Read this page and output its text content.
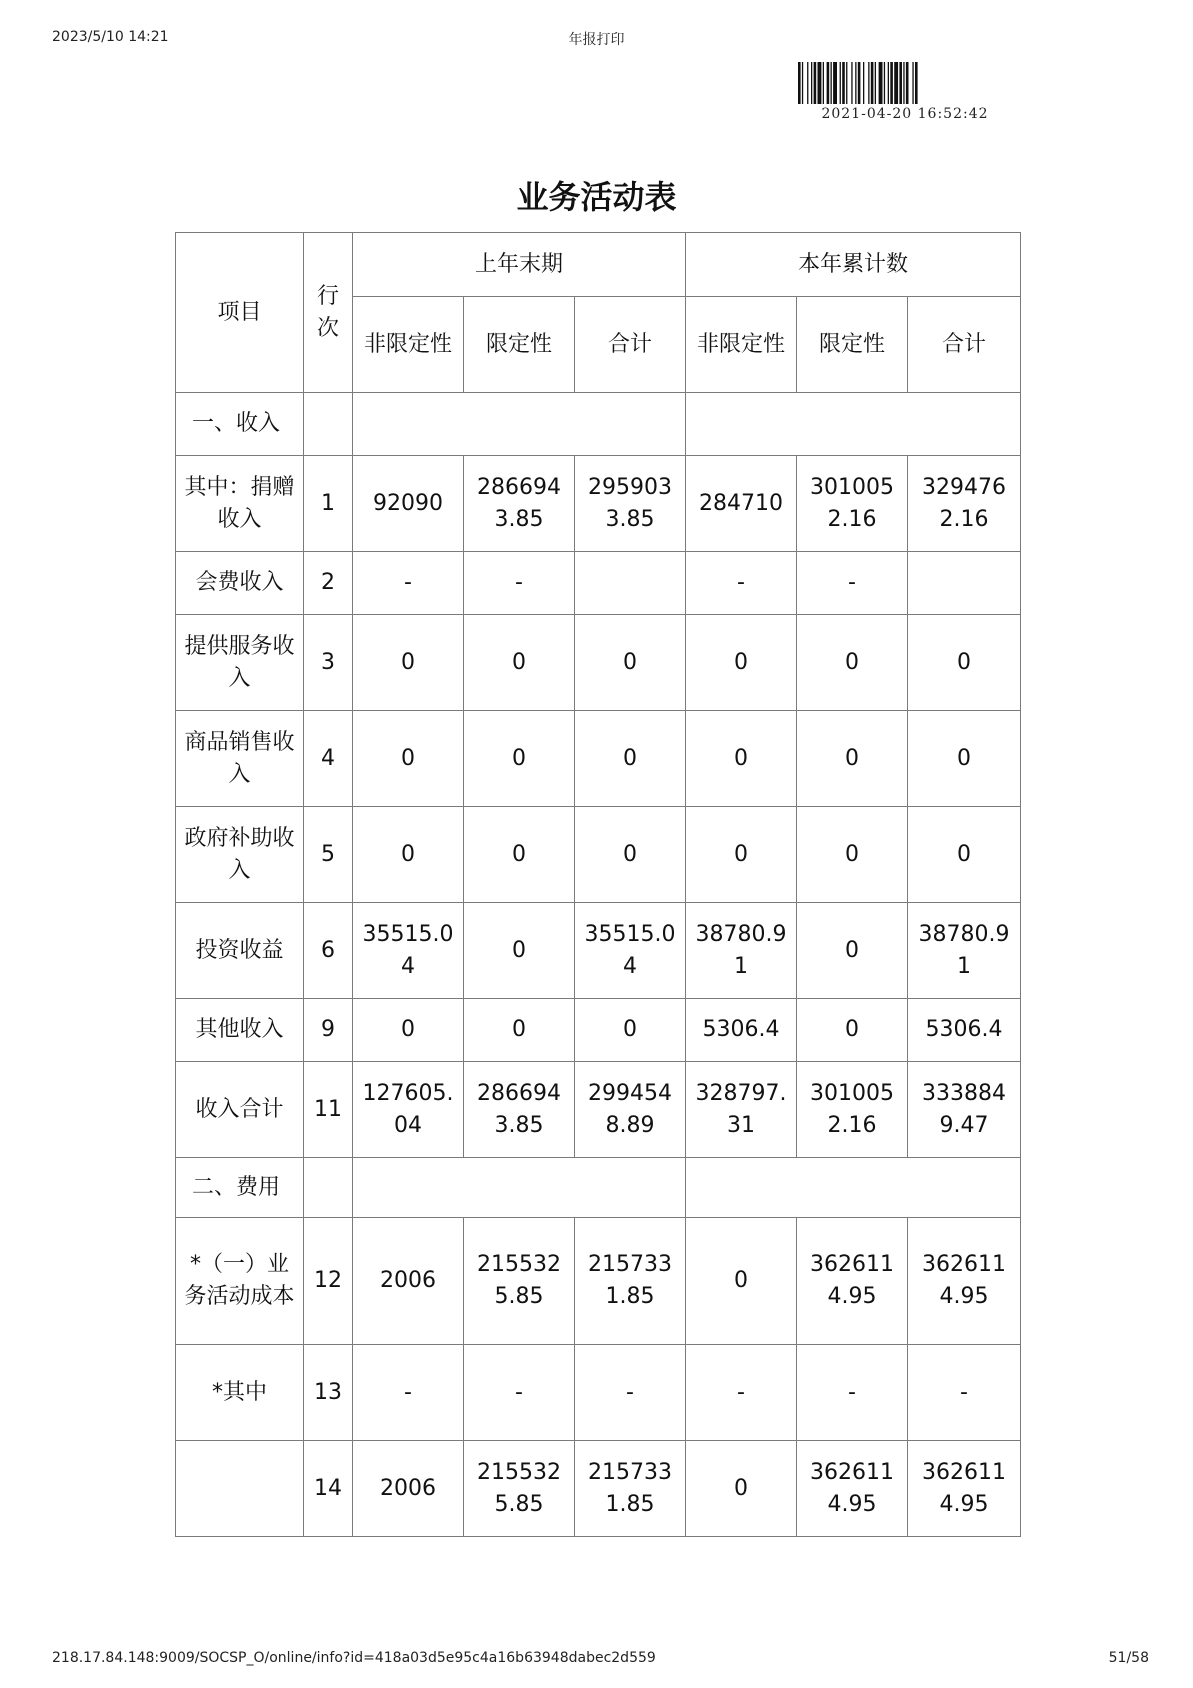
2023/5/10 14:21	年报打印
2021-04-20 16:52:42
业务活动表
项目	行次	上年末期			本年累计数		
		非限定性	限定性	合计	非限定性	限定性	合计
一、收入							
其中：捐赠收入	1	92090	2866943.85	2959033.85	284710	3010052.16	3294762.16
会费收入	2	-	-		-	-	
提供服务收入	3	0	0	0	0	0	0
商品销售收入	4	0	0	0	0	0	0
政府补助收入	5	0	0	0	0	0	0
投资收益	6	35515.04	0	35515.04	38780.91	0	38780.91
其他收入	9	0	0	0	5306.4	0	5306.4
收入合计	11	127605.04	2866943.85	2994548.89	328797.31	3010052.16	3338849.47
二、费用							
*（一）业务活动成本	12	2006	2155325.85	2157331.85	0	3626114.95	3626114.95
*其中	13	-	-	-	-	-	-
	14	2006	2155325.85	2157331.85	0	3626114.95	3626114.95
218.17.84.148:9009/SOCSP_O/online/info?id=418a03d5e95c4a16b63948dabec2d559	51/58
